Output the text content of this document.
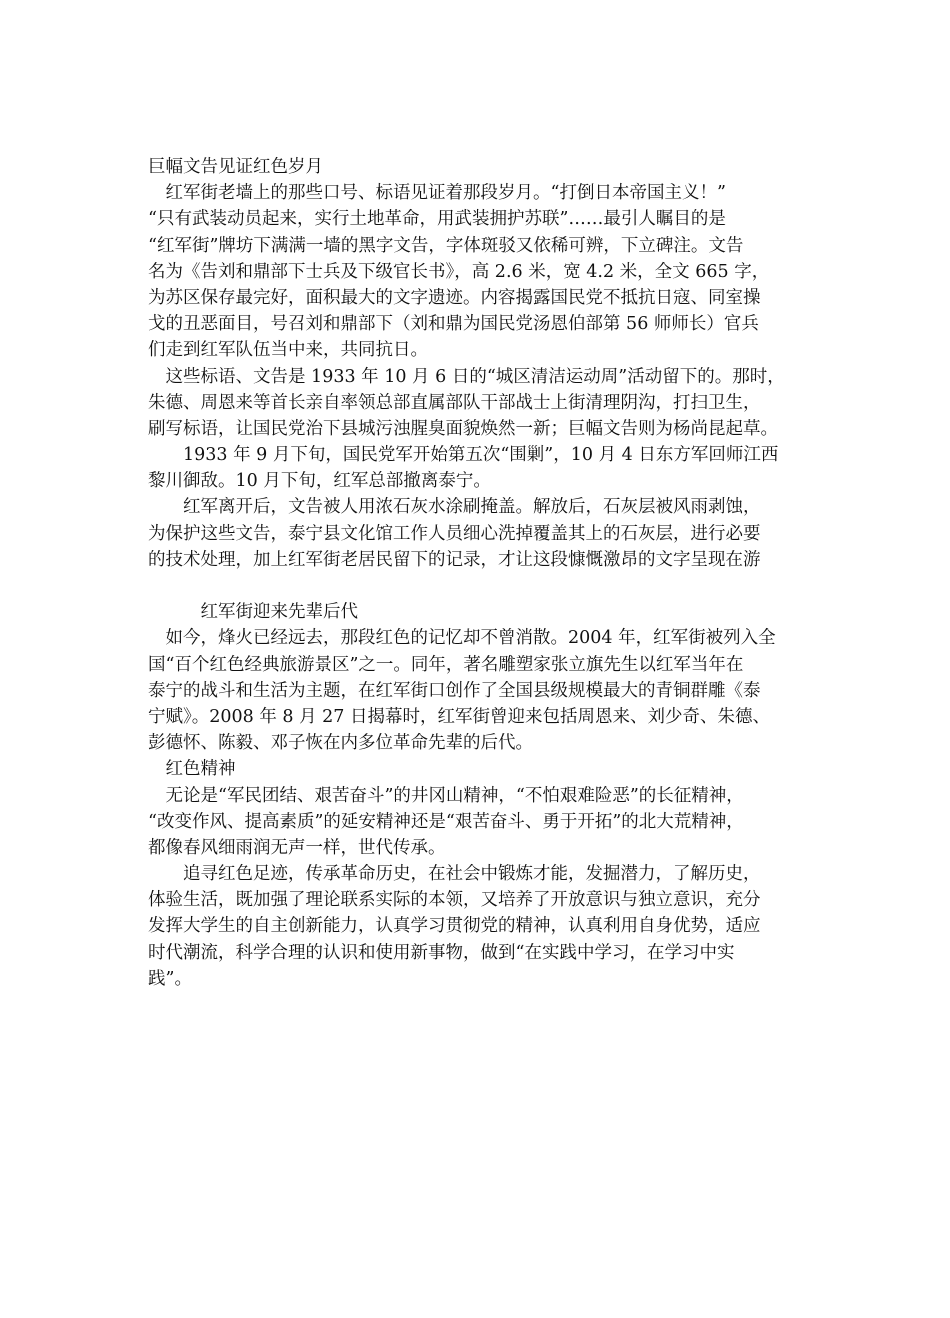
巨幅文告见证红色岁月
　红军街老墙上的那些口号、标语见证着那段岁月。“打倒日本帝国主义！”
“只有武装动员起来，实行土地革命，用武装拥护苏联”……最引人瞩目的是
“红军街”牌坊下满满一墙的黑字文告，字体斑驳又依稀可辨，下立碑注。文告
名为《告刘和鼎部下士兵及下级官长书》，高 2.6 米，宽 4.2 米，全文 665 字，
为苏区保存最完好，面积最大的文字遗迹。内容揭露国民党不抵抗日寇、同室操
戈的丑恶面目，号召刘和鼎部下（刘和鼎为国民党汤恩伯部第 56 师师长）官兵
们走到红军队伍当中来，共同抗日。
　这些标语、文告是 1933 年 10 月 6 日的“城区清洁运动周”活动留下的。那时，
朱德、周恩来等首长亲自率领总部直属部队干部战士上街清理阴沟，打扫卫生，
刷写标语，让国民党治下县城污浊腥臭面貌焕然一新；巨幅文告则为杨尚昆起草。
　　1933 年 9 月下旬，国民党军开始第五次“围剿”，10 月 4 日东方军回师江西
黎川御敌。10 月下旬，红军总部撤离泰宁。
　　红军离开后，文告被人用浓石灰水涂刷掩盖。解放后，石灰层被风雨剥蚀，
为保护这些文告，泰宁县文化馆工作人员细心洗掉覆盖其上的石灰层，进行必要
的技术处理，加上红军街老居民留下的记录，才让这段慷慨激昂的文字呈现在游
　　　红军街迎来先辈后代
　如今，烽火已经远去，那段红色的记忆却不曾消散。2004 年，红军街被列入全
国“百个红色经典旅游景区”之一。同年，著名雕塑家张立旗先生以红军当年在
泰宁的战斗和生活为主题，在红军街口创作了全国县级规模最大的青铜群雕《泰
宁赋》。2008 年 8 月 27 日揭幕时，红军街曾迎来包括周恩来、刘少奇、朱德、
彭德怀、陈毅、邓子恢在内多位革命先辈的后代。
　红色精神
　无论是“军民团结、艰苦奋斗”的井冈山精神，“不怕艰难险恶”的长征精神，
“改变作风、提高素质”的延安精神还是“艰苦奋斗、勇于开拓”的北大荒精神，
都像春风细雨润无声一样，世代传承。
　　追寻红色足迹，传承革命历史，在社会中锻炼才能，发掘潜力，了解历史，
体验生活，既加强了理论联系实际的本领，又培养了开放意识与独立意识，充分
发挥大学生的自主创新能力，认真学习贯彻党的精神，认真利用自身优势，适应
时代潮流，科学合理的认识和使用新事物，做到“在实践中学习，在学习中实
践”。
